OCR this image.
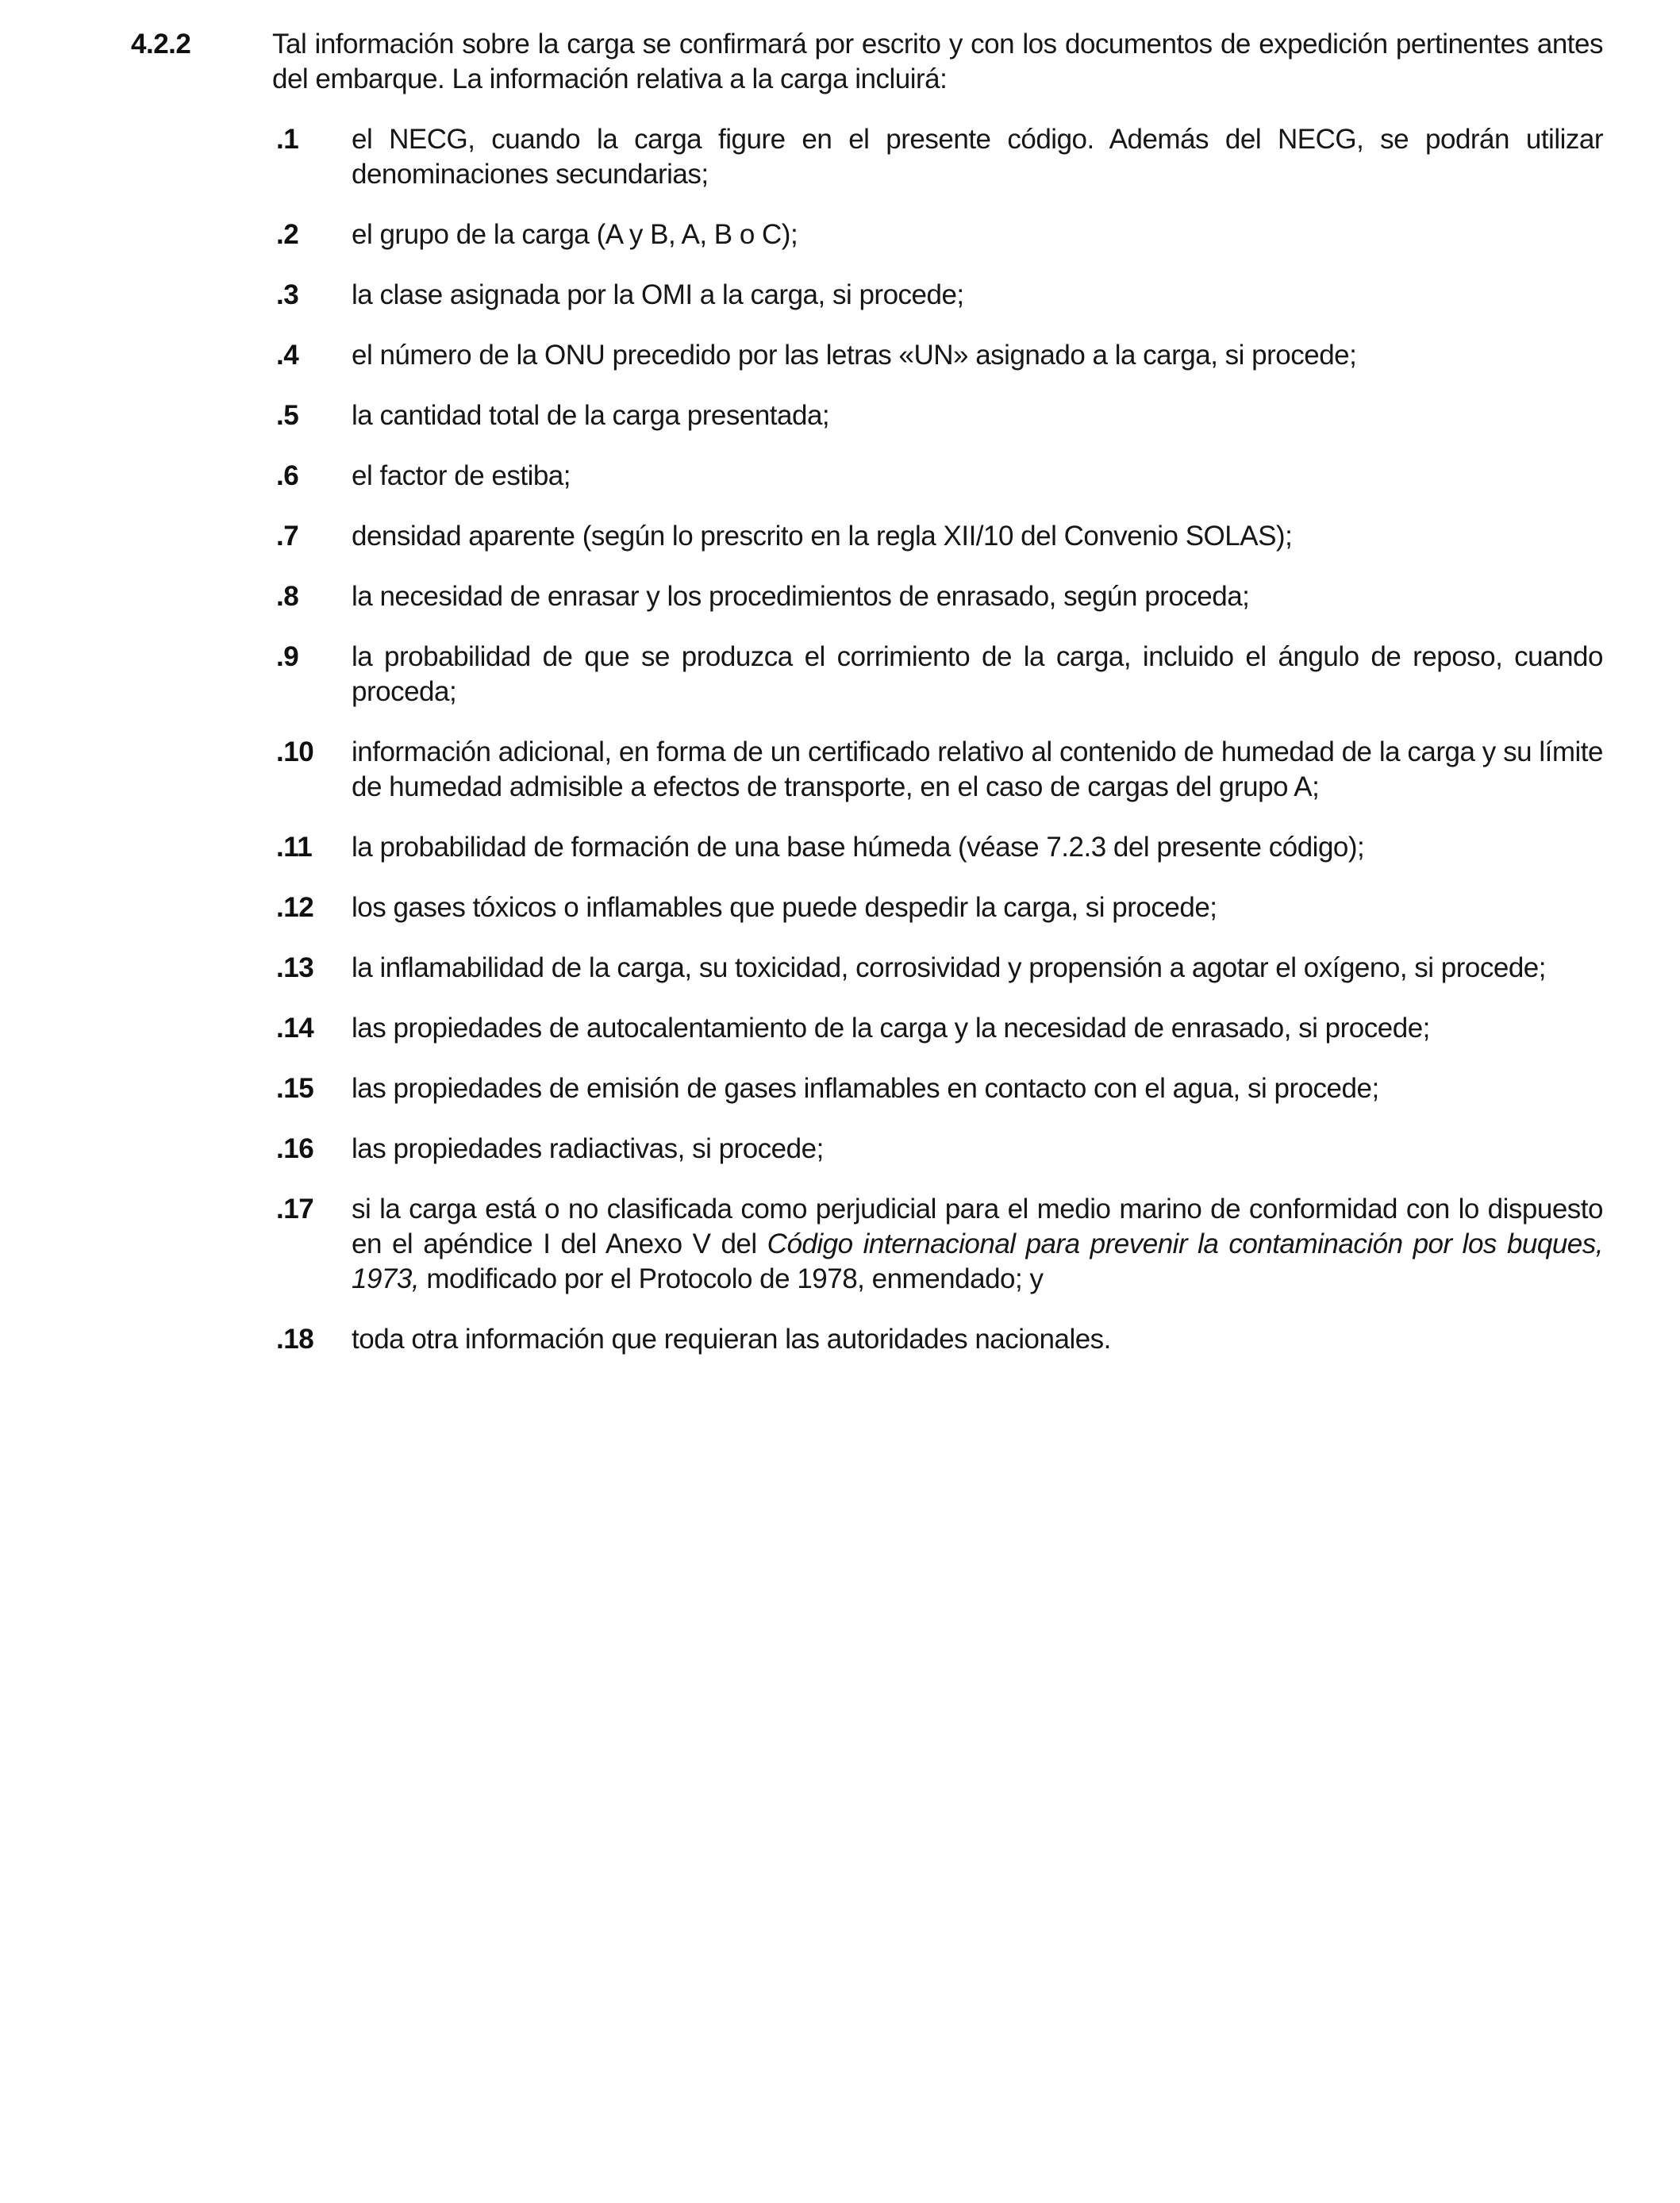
4.2.2	Tal información sobre la carga se confirmará por escrito y con los documentos de expedición pertinentes antes del embarque. La información relativa a la carga incluirá:

.1	el NECG, cuando la carga figure en el presente código. Además del NECG, se podrán utilizar denominaciones secundarias;

.2	el grupo de la carga (A y B, A, B o C);

.3	la clase asignada por la OMI a la carga, si procede;

.4	el número de la ONU precedido por las letras «UN» asignado a la carga, si procede;

.5	la cantidad total de la carga presentada;

.6	el factor de estiba;

.7	densidad aparente (según lo prescrito en la regla XII/10 del Convenio SOLAS);

.8	la necesidad de enrasar y los procedimientos de enrasado, según proceda;

.9	la probabilidad de que se produzca el corrimiento de la carga, incluido el ángulo de reposo, cuando proceda;

.10	información adicional, en forma de un certificado relativo al contenido de humedad de la carga y su límite de humedad admisible a efectos de transporte, en el caso de cargas del grupo A;

.11	la probabilidad de formación de una base húmeda (véase 7.2.3 del presente código);

.12	los gases tóxicos o inflamables que puede despedir la carga, si procede;

.13	la inflamabilidad de la carga, su toxicidad, corrosividad y propensión a agotar el oxígeno, si procede;

.14	las propiedades de autocalentamiento de la carga y la necesidad de enrasado, si procede;

.15	las propiedades de emisión de gases inflamables en contacto con el agua, si procede;

.16	las propiedades radiactivas, si procede;

.17	si la carga está o no clasificada como perjudicial para el medio marino de conformidad con lo dispuesto en el apéndice I del Anexo V del Código internacional para prevenir la contaminación por los buques, 1973, modificado por el Protocolo de 1978, enmendado; y

.18	toda otra información que requieran las autoridades nacionales.
